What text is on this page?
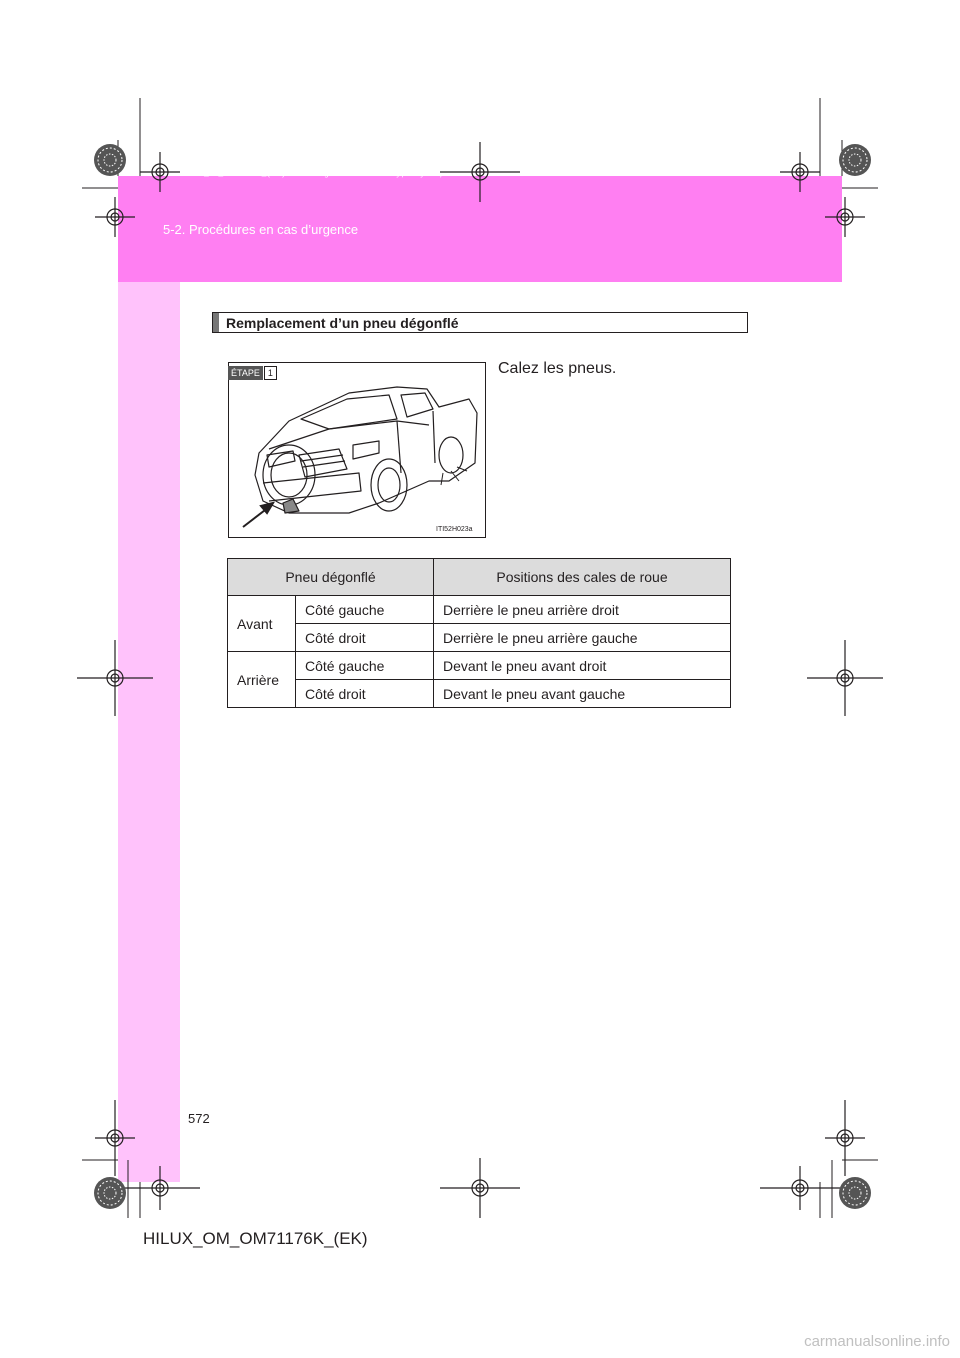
HILUX_OM_OM71176K_(EK).book Page 572 Wednesday, May 16, 2012 2:32 PM
5-2. Procédures en cas d’urgence
Remplacement d’un pneu dégonflé
ÉTAPE 1
ITI52H023a
Calez les pneus.
Pneu dégonflé		Positions des cales de roue
Avant	Côté gauche	Derrière le pneu arrière droit
	Côté droit	Derrière le pneu arrière gauche
Arrière	Côté gauche	Devant le pneu avant droit
	Côté droit	Devant le pneu avant gauche
572
HILUX_OM_OM71176K_(EK)
carmanualsonline.info
